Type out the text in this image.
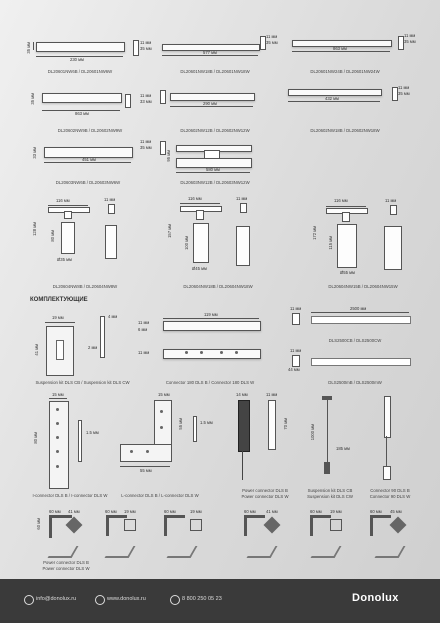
35 мм
230 мм
11 мм
35 мм
DL20601NW6B / DL20601NW6W
577 мм
11 мм
35 мм
DL20601NW18B / DL20601NW18W
863 мм
11 мм
35 мм
DL20601NW24B / DL20601NW24W
35 мм
863 мм
DL20602NW9B / DL20602NW9W
11 мм
33 мм	290 мм
DL20602NW12B / DL20602NW12W
432 мм
11 мм
35 мм
DL20602NW18B / DL20602NW18W
33 мм
451 мм
DL20603NW6B / DL20603NW6W
11 мм
35 мм
95 мм
580 мм
DL20603NW12B / DL20603NW12W
116 мм
128 мм	80 мм
Ø35 мм
11 мм
DL20604NW8B / DL20604NW8W
116 мм
157 мм
100 мм
Ø45 мм
11 мм
DL20604NW18B / DL20604NW18W
116 мм
172 мм
115 мм
Ø55 мм
11 мм
DL20604NW15B / DL20604NW15W
КОМПЛЕКТУЮЩИЕ
19 мм
41 мм
4 мм
2 мм
Suspension kit DLS CB / Suspension kit DLS CW
119 мм
11 мм
6 мм
11 мм
Connector 180 DLS B / Connector 180 DLS W
11 мм	2500 мм
DLS2500CB / DLS2500CW
11 мм
44 мм
DLS2500mB / DLS2500mW
15 мм
80 мм	1.5 мм
I-connector DLS B / I-connector DLS W
15 мм
55 мм	1.5 мм
55 мм
L-connector DLS B / L-connector DLS W
14 мм	11 мм
70 мм
Power connector DLS B
Power connector DLS W
1000 мм
185 мм
Suspension kit DLS CB
Suspension kit DLS CW
Connector 90 DLS B
Connector 90 DLS W
60 мм 41 мм
60 мм
Power connector DLS B
Power connector DLS W
60 мм 19 мм	60 мм	19 мм	60 мм 41 мм	60 мм 19 мм	60 мм 45 мм
info@donolux.ru	www.donolux.ru	8 800 250 05 23	Donolux
